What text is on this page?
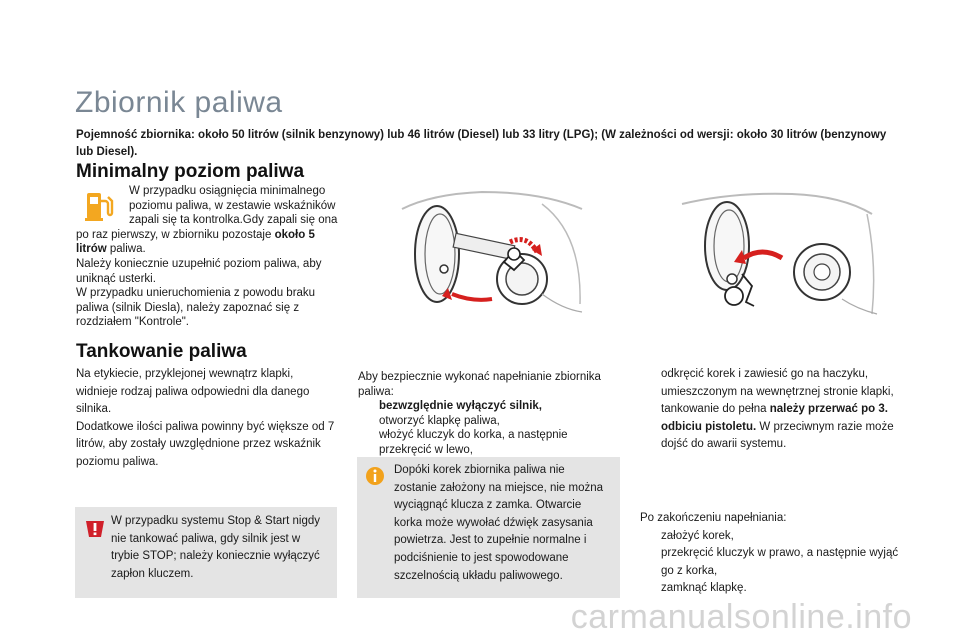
Zbiornik paliwa

Pojemność zbiornika: około 50 litrów (silnik benzynowy) lub 46 litrów (Diesel) lub 33 litry (LPG); (W zależności od wersji: około 30 litrów (benzynowy lub Diesel).

Minimalny poziom paliwa

W przypadku osiągnięcia minimalnego poziomu paliwa, w zestawie wskaźników zapali się ta kontrolka.Gdy zapali się ona po raz pierwszy, w zbiorniku pozostaje około 5 litrów paliwa.

Należy koniecznie uzupełnić poziom paliwa, aby uniknąć usterki.

W przypadku unieruchomienia z powodu braku paliwa (silnik Diesla), należy zapoznać się z rozdziałem "Kontrole".

Tankowanie paliwa

Na etykiecie, przyklejonej wewnątrz klapki, widnieje rodzaj paliwa odpowiedni dla danego silnika.

Dodatkowe ilości paliwa powinny być większe od 7 litrów, aby zostały uwzględnione przez wskaźnik poziomu paliwa.

W przypadku systemu Stop & Start nigdy nie tankować paliwa, gdy silnik jest w trybie STOP; należy koniecznie wyłączyć zapłon kluczem.

Aby bezpiecznie wykonać napełnianie zbiornika paliwa:

bezwzględnie wyłączyć silnik,
otworzyć klapkę paliwa,
włożyć kluczyk do korka, a następnie przekręcić w lewo,

Dopóki korek zbiornika paliwa nie zostanie założony na miejsce, nie można wyciągnąć klucza z zamka. Otwarcie korka może wywołać dźwięk zasysania powietrza. Jest to zupełnie normalne i podciśnienie to jest spowodowane szczelnością układu paliwowego.

odkręcić korek i zawiesić go na haczyku, umieszczonym na wewnętrznej stronie klapki,
tankowanie do pełna należy przerwać po 3. odbiciu pistoletu. W przeciwnym razie może dojść do awarii systemu.

Po zakończeniu napełniania:

założyć korek,
przekręcić kluczyk w prawo, a następnie wyjąć go z korka,
zamknąć klapkę.
carmanualsonline.info
